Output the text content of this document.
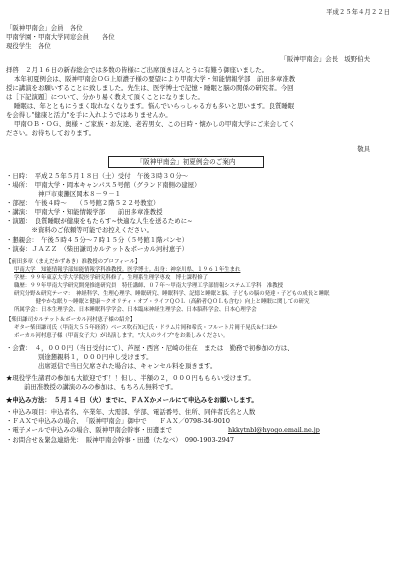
平成２５年４月２２日
「阪神甲南会」会員　各位
甲南学園・甲南大学同窓会員　　各位
現役学生　各位
「阪神甲南会」会長　坂野伯夫
拝啓　２月１６日の新春総会では多数の皆様にご出席頂きほんとうに有難う御座いました。
本年初夏例会は、阪神甲南会ＯＧ上原濃子様の要望により甲南大学・知能情報学部　前田多章准教
授に講演をお願いすることに致しました。先生は、医学博士で記憶・睡眠と脳の関係の研究者。今回
は［下記演題］について、分かり易く教えて頂くことになりました。
睡眠は、年とともにうまく取れなくなります。悩んでいらっしゃる方も多いと思います。良質睡眠
を会得し"健康と活力"を手に入れようではありませんか。
甲南ＯＢ・ＯＧ、奥様・ご家族・お友達、老若男女、この日時・懐かしの甲南大学にご来会してく
ださい。お待ちしております。
敬具
「阪神甲南会」初夏例会のご案内
・日時：　平成２５年５月１８日（土）受付　午後３時３０分～
・場所：　甲南大学・岡本キャンパス５号館（グランド南側の建屋）
　　　　　神戸市東灘区岡本８－９－１
・部屋：　午後４時～　　（５号館２階５２２号教室）
・講演：　甲南大学・知能情報学部　　前田多章准教授
・演題：　良質睡眠が健康をもたらす~快適な人生を送るために~
　　　　※資料のご依頼等可能でお控えください。
・懇親会：　午後５時４５分～７時１５分（５号館１階パンセ）
・演奏：ＪＡＺＺ　（柴田謙司カルテット＆ボーカル河村恵子）
【前田多章（まえだかずあき）准教授のプロフィール】
甲南大学　知能情報学部知能情報学科准教授。医学博士。出身：神奈川県、１９６１年生まれ
学歴：９９年東京大学大学院医学研究科修了。生理系生理学専攻　博士課程修了
職歴：９９年甲南大学研究開発推進研究員　特任講師、０７年〜甲南大学理工学部情報システム工学科　准教授
研究分野＆研究テーマ：　神経科学、生理心理学、睡眠研究、睡眠科学、記憶と睡眠と脳、子どもの脳の発達・子どもの成長と睡眠
　　　　健やかな眠り〜睡眠と健康〜クオリティ・オブ・ライフＱＯＬ（高齢者ＱＯＬも含む）向上と睡眠に関しての研究
所属学会：日本生理学会、日本睡眠科学学会、日本臨床神経生理学会、日本脳科学会、日本心理学会
【柴田謙司カルテット＆ボーカル河村恵子様の紹介】
ギター柴田謙司氏（甲南大５５年経済）ベース吹石知己氏・ドラム片岡和希氏・フルート片岡千晃氏＆仁ほか
ボーカル河村恵子様（甲南女子大）が出演します。"大人のライブ"をお楽しみください。
・会費：　４，０００円（当日受付にて）、芦屋・西宮・尼崎の住在　または　勤務で初参加の方は、
　　　　　別途懇親料１，０００円申し受けます。
　　　　　出席返信で当日欠席された場合は、キャンセル料を頂きます。
★現役学生諸君の参加も大歓迎です！！但し、半額の２，０００円ももらい受けます。
前田准教授の講演のみの参加は、もちろん無料です。
★申込み方法：　５月１４日（火）までに、ＦＡＸかメールにて申込みをお願いします。
・申込み項目：申込者名、卒業年、大需部、学部、電話番号、住所、同伴者氏名と人数
・ＦＡＸで申込みの場合、　「阪神甲南会」御中で　　ＦＡＸ／0798-34-9010
・電子メールで申込みの場合、阪神甲南会幹事・田邊まで	hkkytnbl@hyogo.email.ne.jp
・お問合せ＆緊急連絡先：　阪神甲南会幹事・田邊（たなべ）　090-1903-2947
